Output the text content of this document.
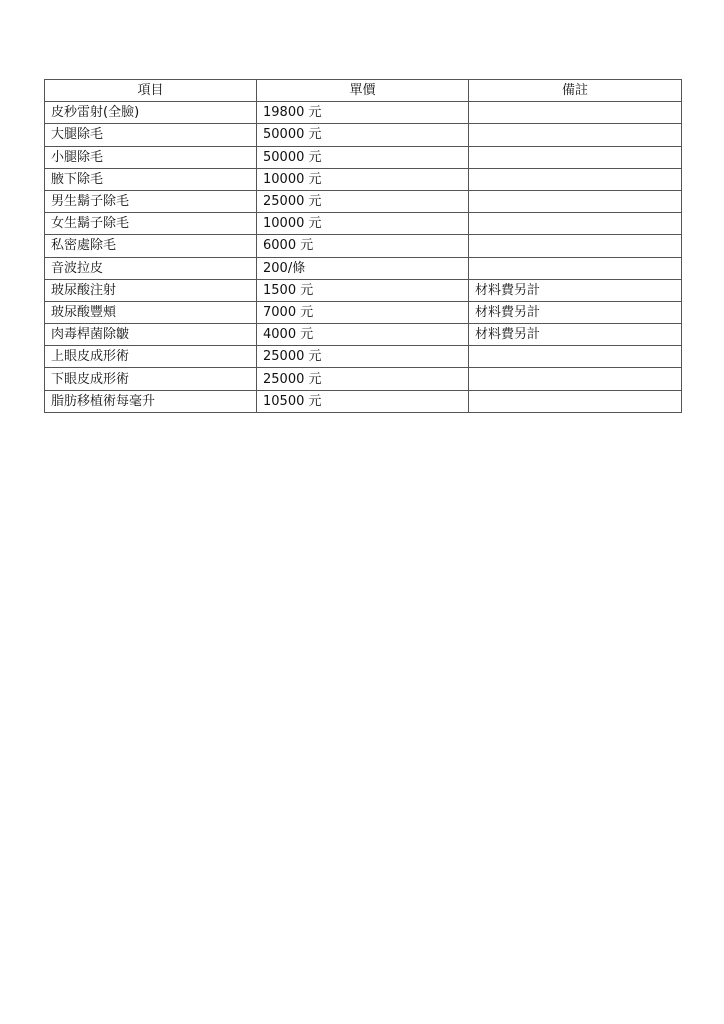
項目	單價	備註
皮秒雷射(全臉)	19800 元	
大腿除毛	50000 元	
小腿除毛	50000 元	
腋下除毛	10000 元	
男生鬍子除毛	25000 元	
女生鬍子除毛	10000 元	
私密處除毛	6000 元	
音波拉皮	200/條	
玻尿酸注射	1500 元	材料費另計
玻尿酸豐頰	7000 元	材料費另計
肉毒桿菌除皺	4000 元	材料費另計
上眼皮成形術	25000 元	
下眼皮成形術	25000 元	
脂肪移植術每毫升	10500 元	
